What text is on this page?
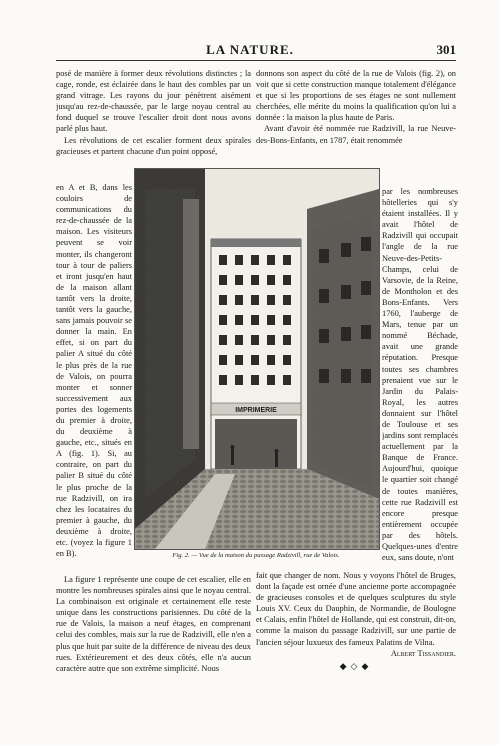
LA NATURE.	301

posé de manière à former deux révolutions distinctes ; la cage, ronde, est éclairée dans le haut des combles par un grand vitrage. Les rayons du jour pénètrent aisément jusqu'au rez-de-chaussée, par le large noyau central au fond duquel se trouve l'escalier droit dont nous avons parlé plus haut.

Les révolutions de cet escalier forment deux spirales gracieuses et partent chacune d'un point opposé,

en A et B, dans les couloirs de communications du rez-de-chaussée de la maison. Les visiteurs peuvent se voir monter, ils changeront tour à tour de paliers et iront jusqu'en haut de la maison allant tantôt vers la droite, tantôt vers la gauche, sans jamais pouvoir se donner la main. En effet, si on part du palier A situé du côté le plus près de la rue de Valois, on pourra monter et sonner successivement aux portes des logements du premier à droite, du deuxième à gauche, etc., situés en A (fig. 1). Si, au contraire, on part du palier B situé du côté le plus proche de la rue Radzivill, on ira chez les locataires du premier à gauche, du deuxième à droite, etc. (voyez la figure 1 en B).

donnons son aspect du côté de la rue de Valois (fig. 2), on voit que si cette construction manque totalement d'élégance et que si les proportions de ses étages ne sont nullement cherchées, elle mérite du moins la qualification qu'on lui a donnée : la maison la plus haute de Paris.

Avant d'avoir été nommée rue Radzivill, la rue Neuve-des-Bons-Enfants, en 1787, était renommée

par les nombreuses hôtelleries qui s'y étaient installées. Il y avait l'hôtel de Radzivill qui occupait l'angle de la rue Neuve-des-Petits-Champs, celui de Varsovie, de la Reine, de Montholon et des Bons-Enfants. Vers 1760, l'auberge de Mars, tenue par un nommé Béchade, avait une grande réputation. Presque toutes ses chambres prenaient vue sur le Jardin du Palais-Royal, les autres donnaient sur l'hôtel de Toulouse et ses jardins sont remplacés actuellement par la Banque de France. Aujourd'hui, quoique le quartier soit changé de toutes manières, cette rue Radzivill est encore presque entièrement occupée par des hôtels. Quelques-unes d'entre eux, sans doute, n'ont

IMPRIMERIE
Fig. 2. — Vue de la maison du passage Radzivill, rue de Valois.

La figure 1 représente une coupe de cet escalier, elle en montre les nombreuses spirales ainsi que le noyau central. La combinaison est originale et certainement elle reste unique dans les constructions parisiennes. Du côté de la rue de Valois, la maison a neuf étages, en comprenant celui des combles, mais sur la rue de Radzivill, elle n'en a plus que huit par suite de la différence de niveau des deux rues. Extérieurement et des deux côtés, elle n'a aucun caractère autre que son extrême simplicité. Nous

fait que changer de nom. Nous y voyons l'hôtel de Bruges, dont la façade est ornée d'une ancienne porte accompagnée de gracieuses consoles et de quelques sculptures du style Louis XV. Ceux du Dauphin, de Normandie, de Boulogne et Calais, enfin l'hôtel de Hollande, qui est construit, dit-on, comme la maison du passage Radzivill, sur une partie de l'ancien séjour luxueux des fameux Palatins de Vilna.

Albert Tissandier.
◆◇◆
